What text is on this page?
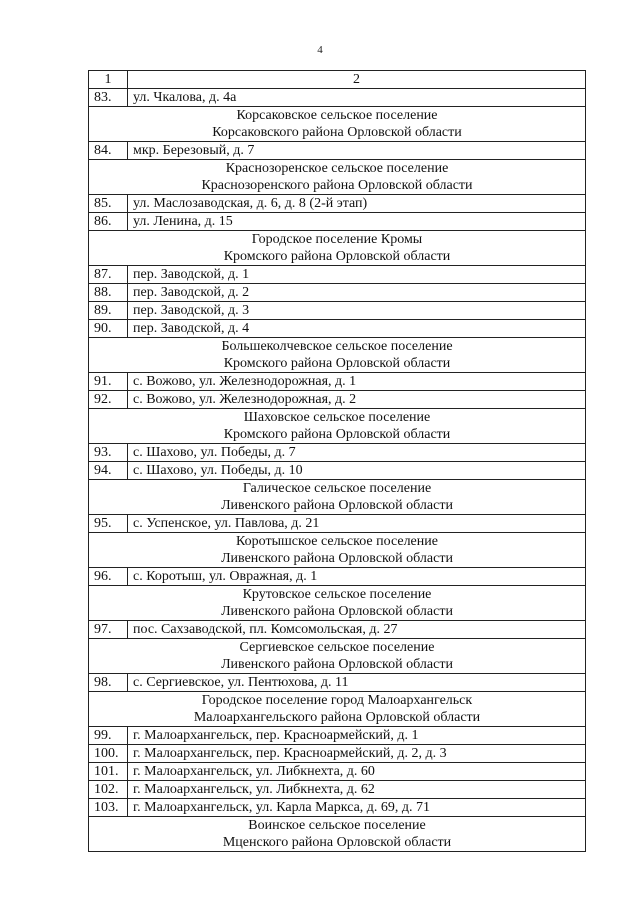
4
1	2
83.	ул. Чкалова, д. 4а

Корсаковское сельское поселение
Корсаковского района Орловской области	

84.	мкр. Березовый, д. 7

Краснозоренское сельское поселение
Краснозоренского района Орловской области	

85.	ул. Маслозаводская, д. 6, д. 8 (2-й этап)
86.	ул. Ленина, д. 15

Городское поселение Кромы
Кромского района Орловской области	

87.	пер. Заводской, д. 1
88.	пер. Заводской, д. 2
89.	пер. Заводской, д. 3
90.	пер. Заводской, д. 4

Большеколчевское сельское поселение
Кромского района Орловской области	

91.	с. Вожово, ул. Железнодорожная, д. 1
92.	с. Вожово, ул. Железнодорожная, д. 2

Шаховское сельское поселение
Кромского района Орловской области	

93.	с. Шахово, ул. Победы, д. 7
94.	с. Шахово, ул. Победы, д. 10

Галическое сельское поселение
Ливенского района Орловской области	

95.	с. Успенское, ул. Павлова, д. 21

Коротышское сельское поселение
Ливенского района Орловской области	

96.	с. Коротыш, ул. Овражная, д. 1

Крутовское сельское поселение
Ливенского района Орловской области	

97.	пос. Сахзаводской, пл. Комсомольская, д. 27

Сергиевское сельское поселение
Ливенского района Орловской области	

98.	с. Сергиевское, ул. Пентюхова, д. 11

Городское поселение город Малоархангельск
Малоархангельского района Орловской области	

99.	г. Малоархангельск, пер. Красноармейский, д. 1
100.	г. Малоархангельск, пер. Красноармейский, д. 2, д. 3
101.	г. Малоархангельск, ул. Либкнехта, д. 60
102.	г. Малоархангельск, ул. Либкнехта, д. 62
103.	г. Малоархангельск, ул. Карла Маркса, д. 69, д. 71

Воинское сельское поселение
Мценского района Орловской области	
